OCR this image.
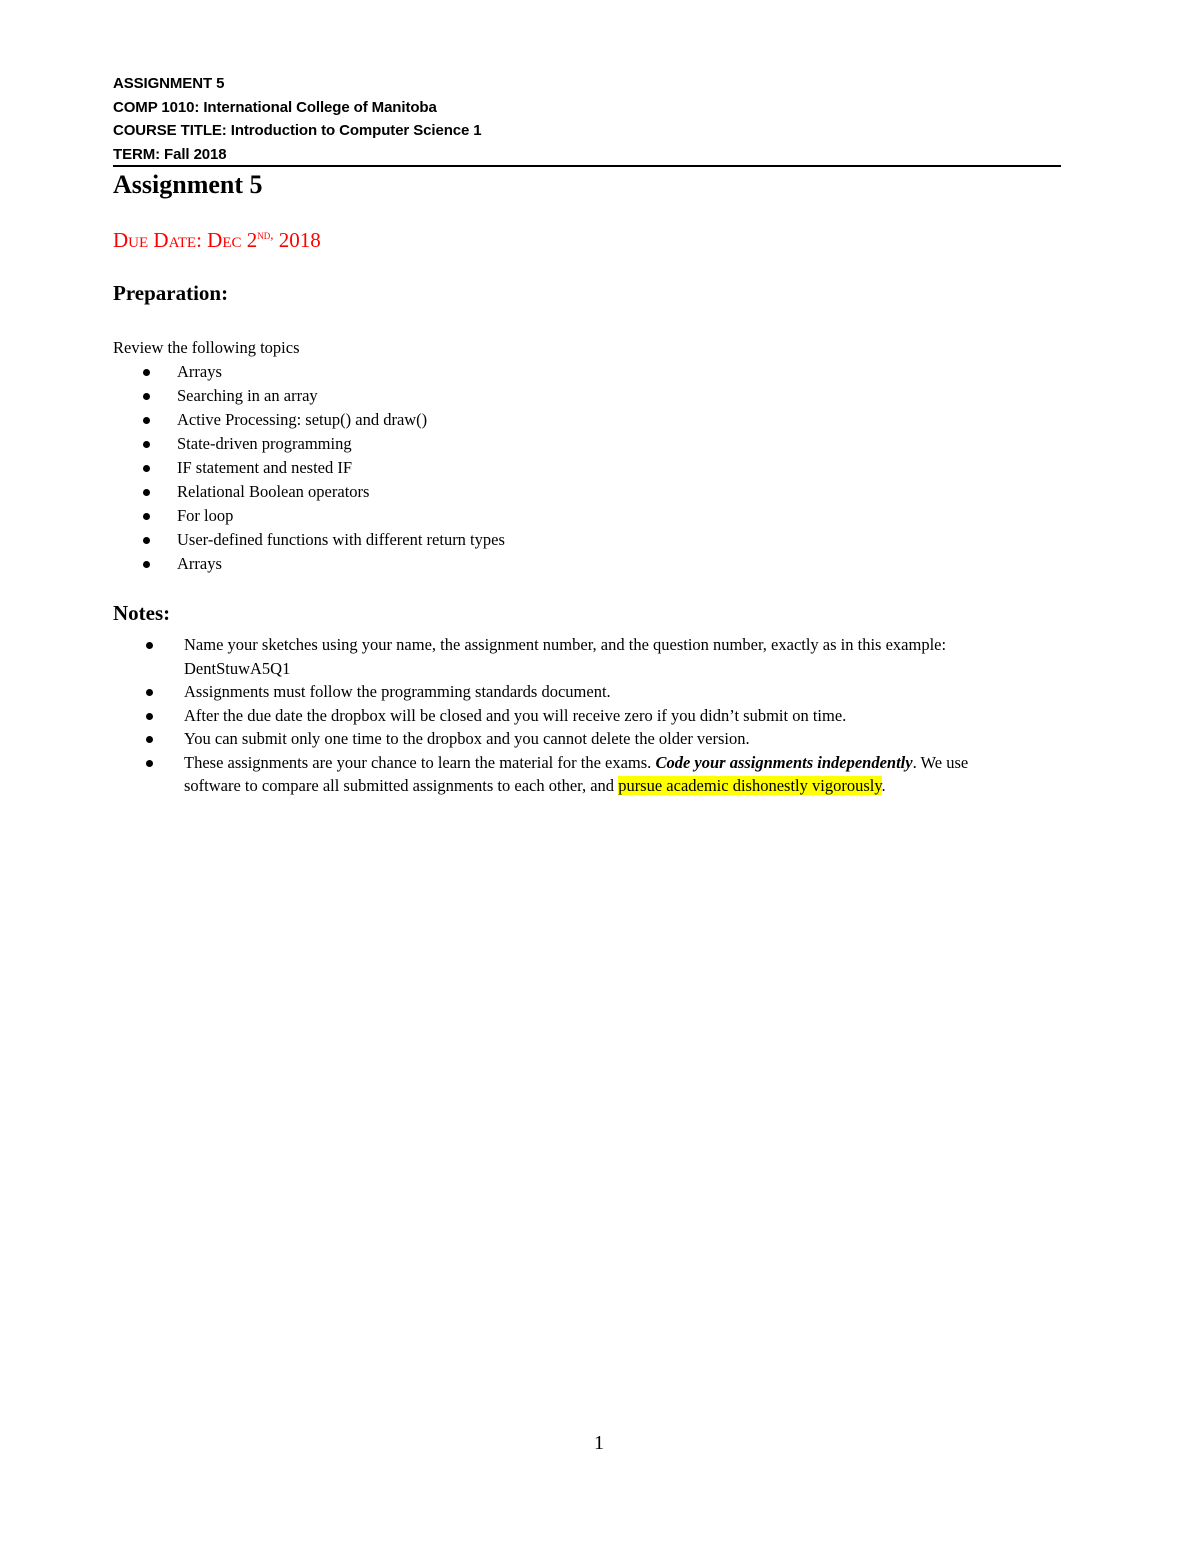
ASSIGNMENT 5
COMP 1010: International College of Manitoba
COURSE TITLE: Introduction to Computer Science 1
TERM: Fall 2018
Assignment 5
Due Date: Dec $2^{nd,}$ 2018
Preparation:
Review the following topics
Arrays
Searching in an array
Active Processing: setup() and draw()
State-driven programming
IF statement and nested IF
Relational Boolean operators
For loop
User-defined functions with different return types
Arrays
Notes:
Name your sketches using your name, the assignment number, and the question number, exactly as in this example: DentStuwA5Q1
Assignments must follow the programming standards document.
After the due date the dropbox will be closed and you will receive zero if you didn’t submit on time.
You can submit only one time to the dropbox and you cannot delete the older version.
These assignments are your chance to learn the material for the exams. Code your assignments independently. We use software to compare all submitted assignments to each other, and pursue academic dishonestly vigorously.
1
